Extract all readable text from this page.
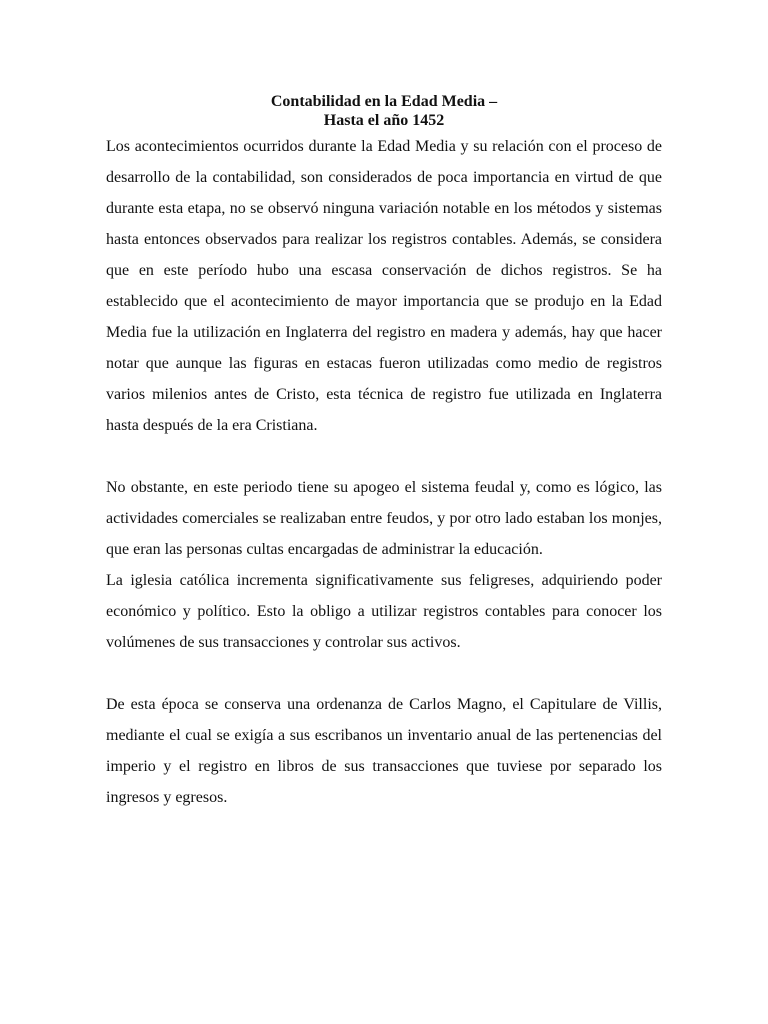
Contabilidad en la Edad Media –
Hasta el año 1452

Los acontecimientos ocurridos durante la Edad Media y su relación con el proceso de desarrollo de la contabilidad, son considerados de poca importancia en virtud de que durante esta etapa, no se observó ninguna variación notable en los métodos y sistemas hasta entonces observados para realizar los registros contables. Además, se considera que en este período hubo una escasa conservación de dichos registros. Se ha establecido que el acontecimiento de mayor importancia que se produjo en la Edad Media fue la utilización en Inglaterra del registro en madera y además, hay que hacer notar que aunque las figuras en estacas fueron utilizadas como medio de registros varios milenios antes de Cristo, esta técnica de registro fue utilizada en Inglaterra hasta después de la era Cristiana.

No obstante, en este periodo tiene su apogeo el sistema feudal y, como es lógico, las actividades comerciales se realizaban entre feudos, y por otro lado estaban los monjes, que eran las personas cultas encargadas de administrar la educación.

La iglesia católica incrementa significativamente sus feligreses, adquiriendo poder económico y político. Esto la obligo a utilizar registros contables para conocer los volúmenes de sus transacciones y controlar sus activos.

De esta época se conserva una ordenanza de Carlos Magno, el Capitulare de Villis, mediante el cual se exigía a sus escribanos un inventario anual de las pertenencias del imperio y el registro en libros de sus transacciones que tuviese por separado los ingresos y egresos.
